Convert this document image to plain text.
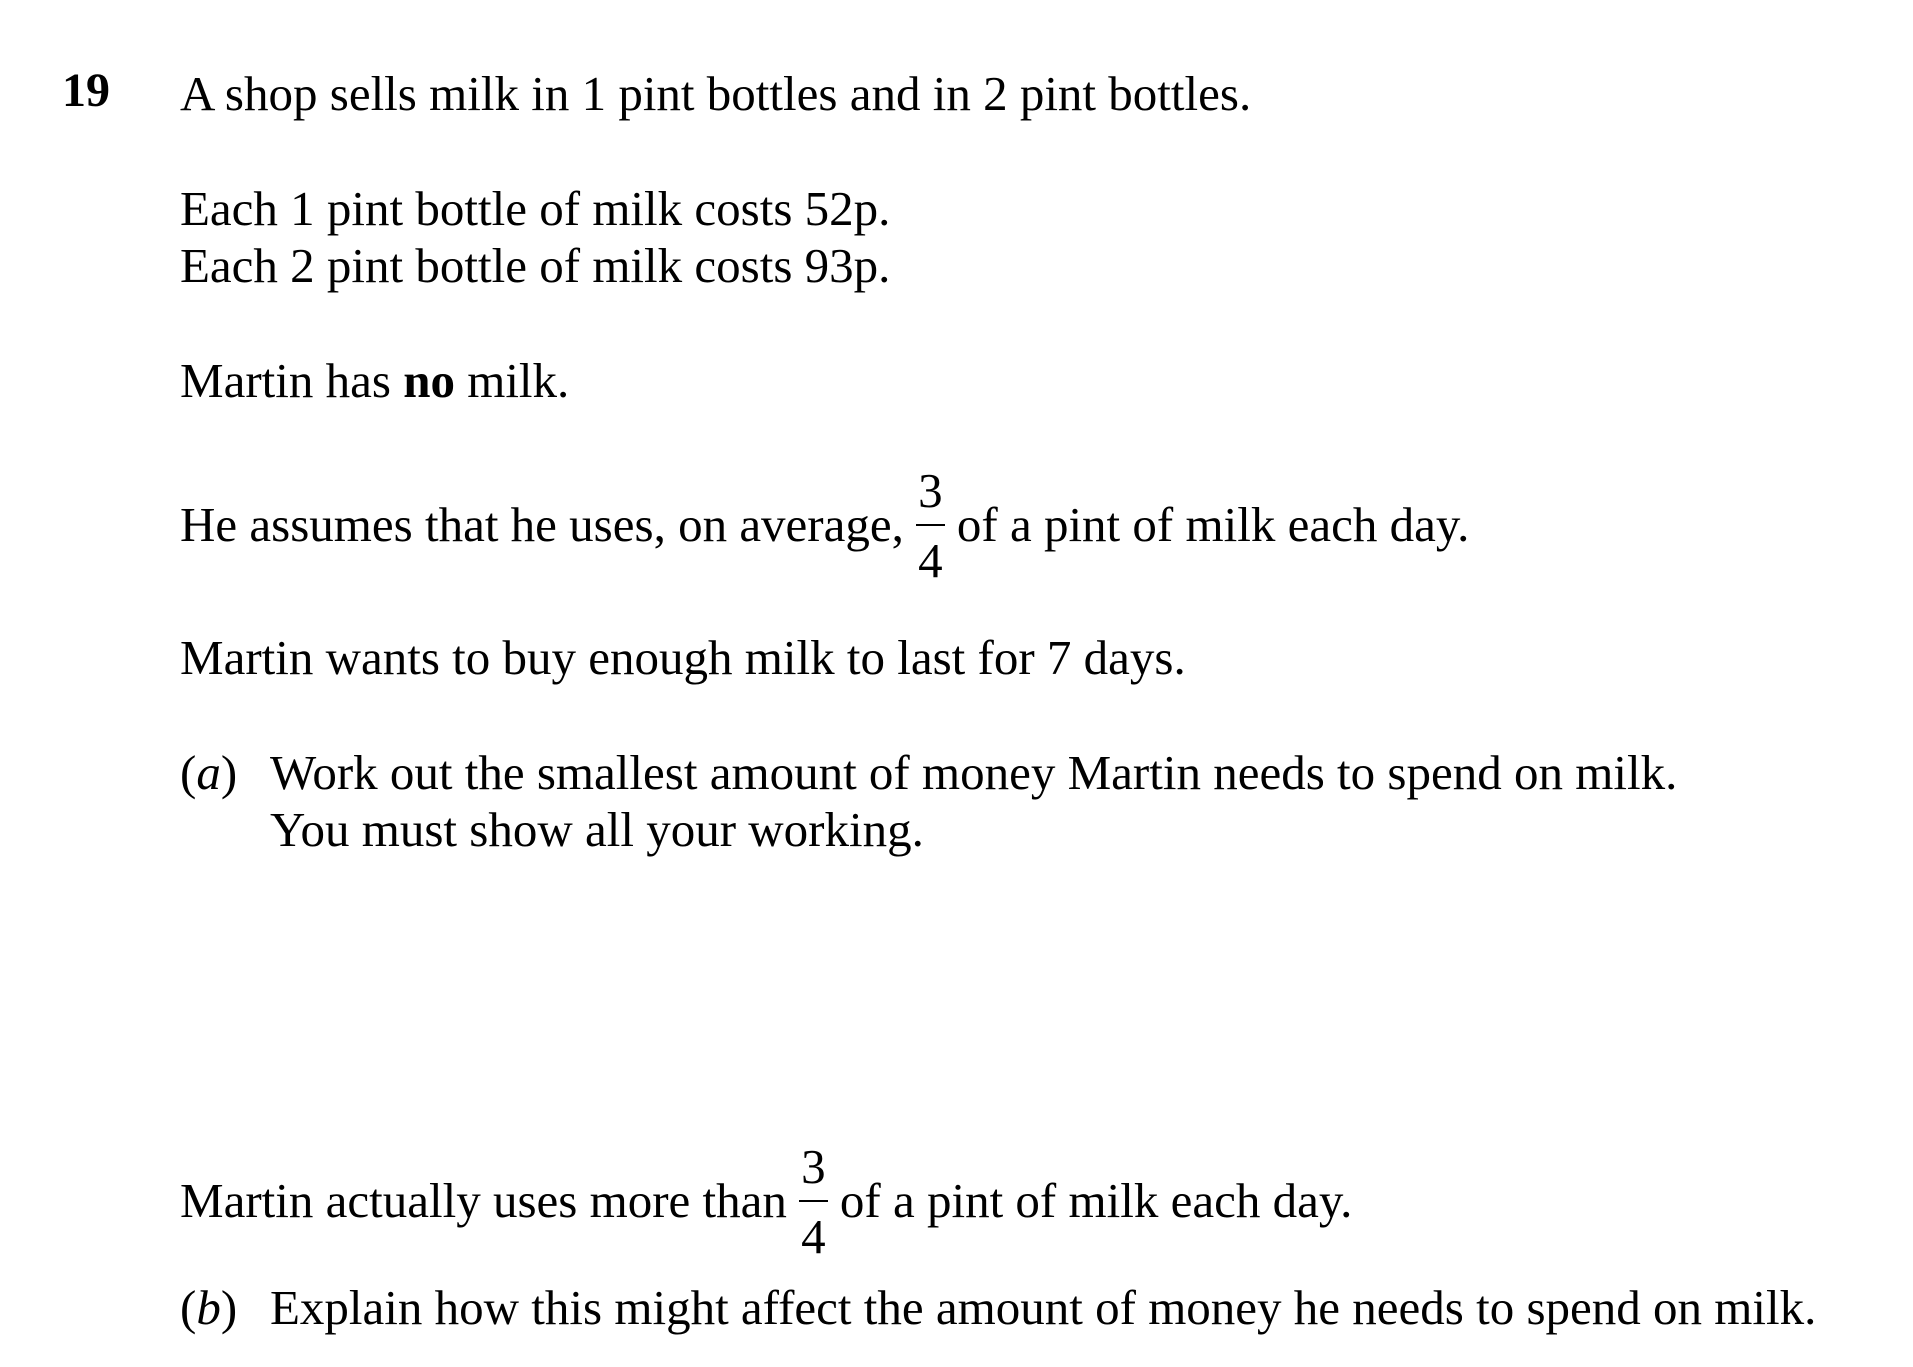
19 A shop sells milk in 1 pint bottles and in 2 pint bottles.
Each 1 pint bottle of milk costs 52p.
Each 2 pint bottle of milk costs 93p.
Martin has no milk.
He assumes that he uses, on average, $\frac{3}{4}$ of a pint of milk each day.
Martin wants to buy enough milk to last for 7 days.
(a) Work out the smallest amount of money Martin needs to spend on milk.
You must show all your working.
Martin actually uses more than $\frac{3}{4}$ of a pint of milk each day.
(b) Explain how this might affect the amount of money he needs to spend on milk.
